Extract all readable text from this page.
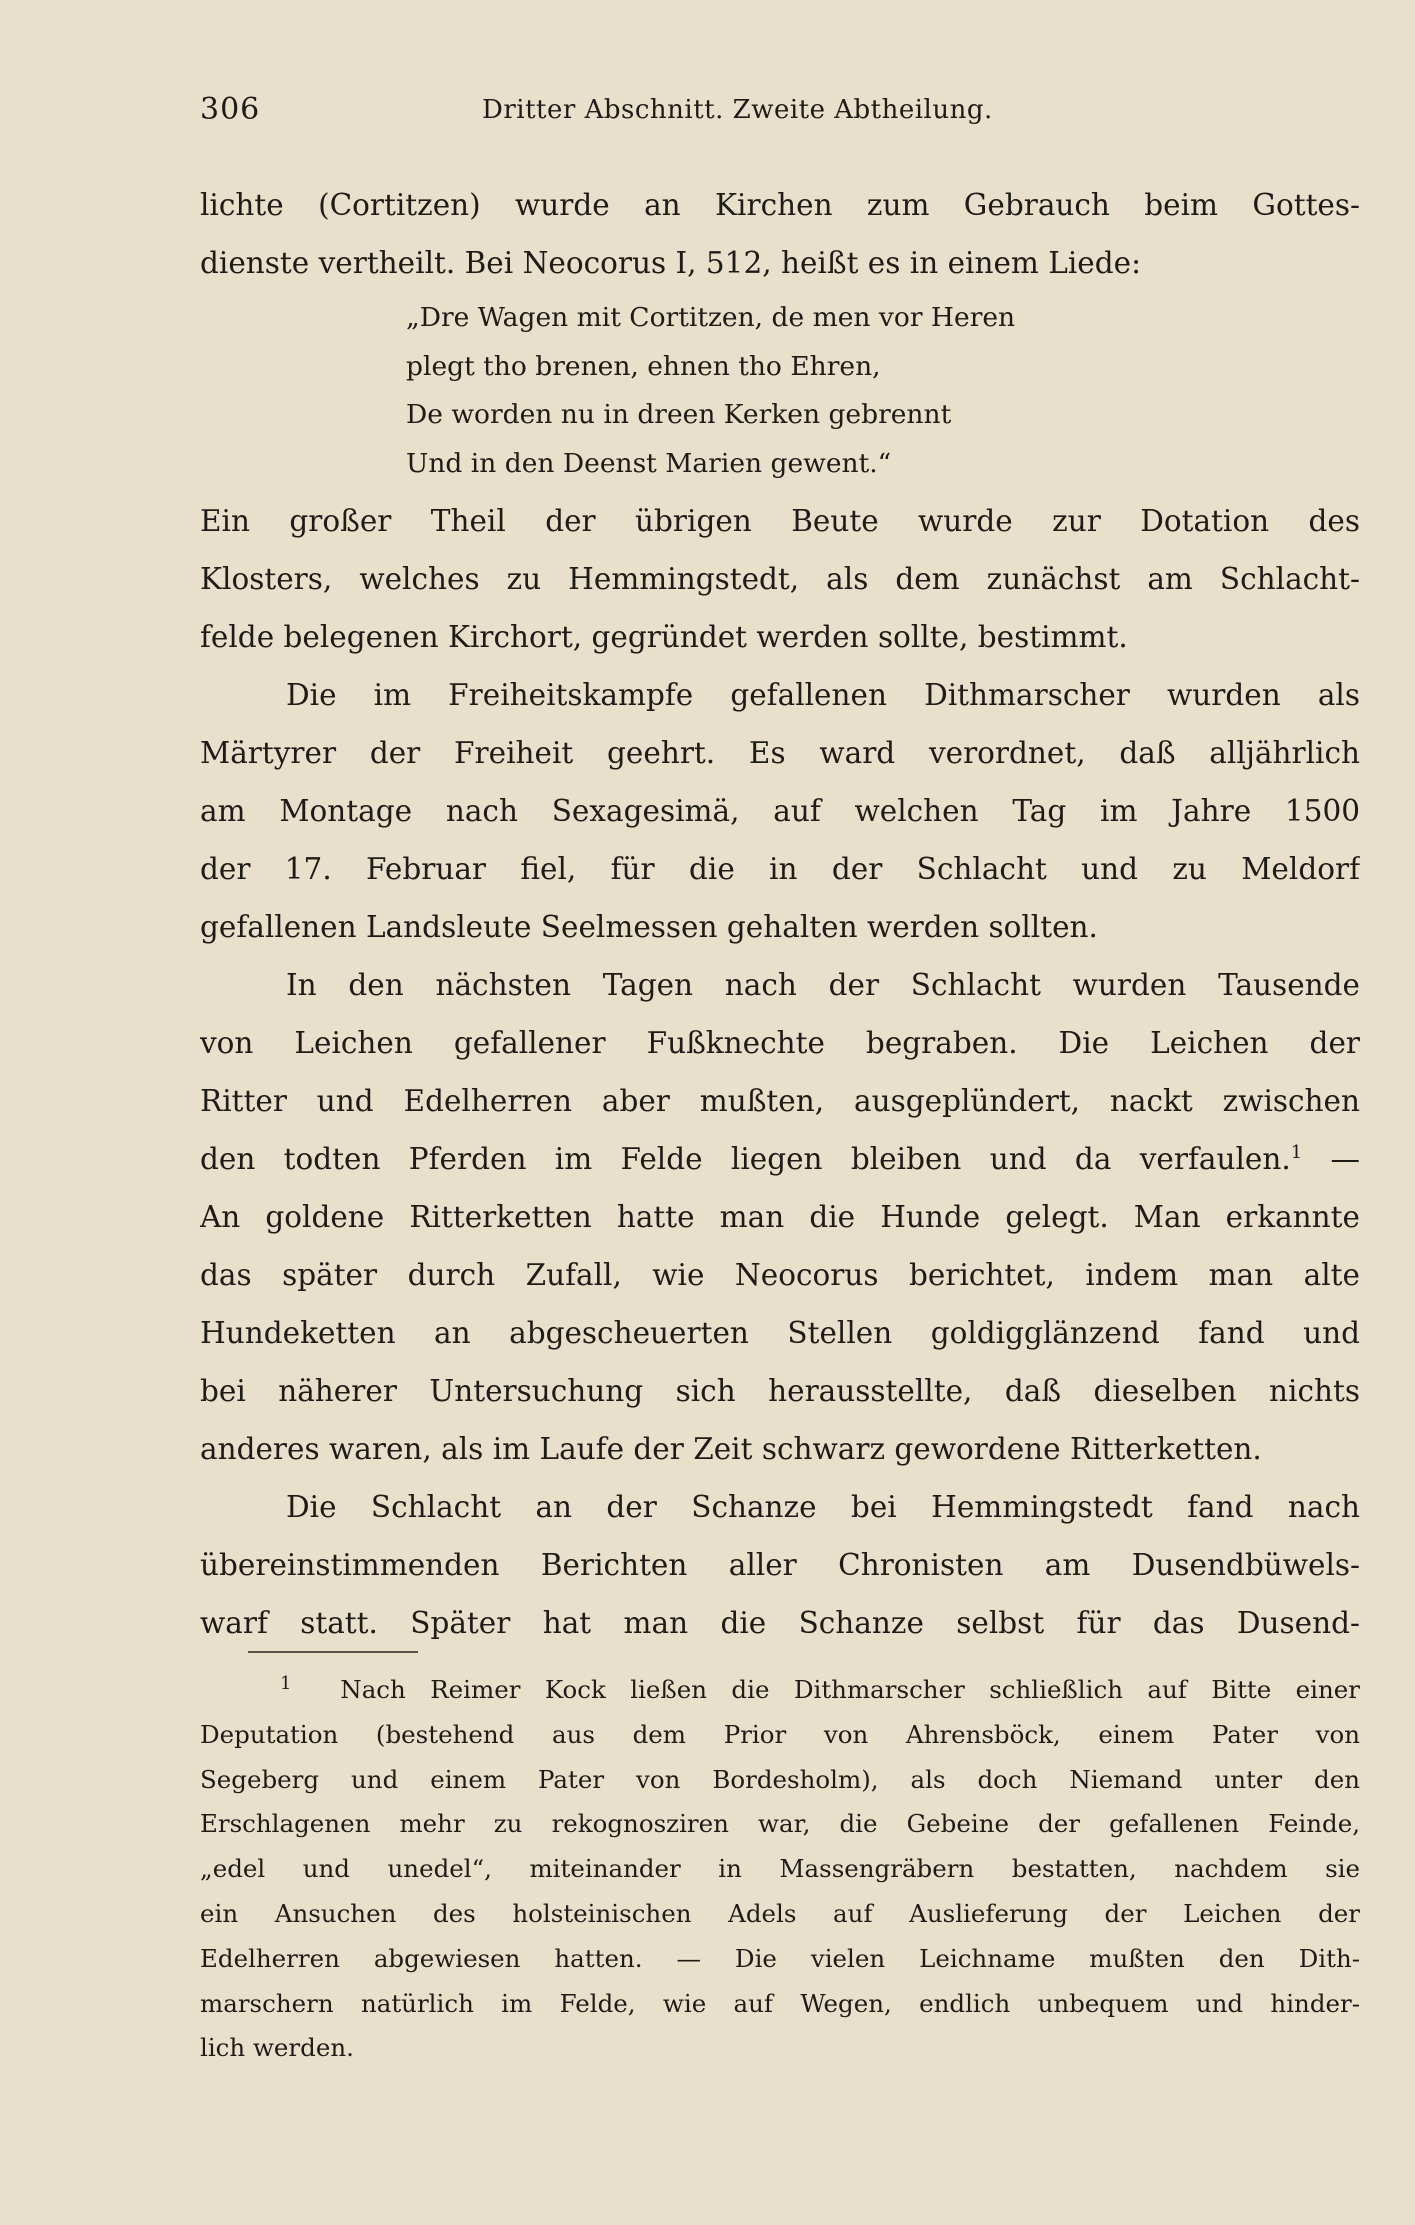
306	Dritter Abschnitt. Zweite Abtheilung.
lichte (Cortitzen) wurde an Kirchen zum Gebrauch beim Gottes-
dienste vertheilt. Bei Neocorus I, 512, heißt es in einem Liede:
„Dre Wagen mit Cortitzen, de men vor Heren
plegt tho brenen, ehnen tho Ehren,
De worden nu in dreen Kerken gebrennt
Und in den Deenst Marien gewent.“
Ein großer Theil der übrigen Beute wurde zur Dotation des
Klosters, welches zu Hemmingstedt, als dem zunächst am Schlacht-
felde belegenen Kirchort, gegründet werden sollte, bestimmt.
Die im Freiheitskampfe gefallenen Dithmarscher wurden als
Märtyrer der Freiheit geehrt. Es ward verordnet, daß alljährlich
am Montage nach Sexagesimä, auf welchen Tag im Jahre 1500
der 17. Februar fiel, für die in der Schlacht und zu Meldorf
gefallenen Landsleute Seelmessen gehalten werden sollten.
In den nächsten Tagen nach der Schlacht wurden Tausende
von Leichen gefallener Fußknechte begraben. Die Leichen der
Ritter und Edelherren aber mußten, ausgeplündert, nackt zwischen
den todten Pferden im Felde liegen bleiben und da verfaulen.$^1$ —
An goldene Ritterketten hatte man die Hunde gelegt. Man erkannte
das später durch Zufall, wie Neocorus berichtet, indem man alte
Hundeketten an abgescheuerten Stellen goldigglänzend fand und
bei näherer Untersuchung sich herausstellte, daß dieselben nichts
anderes waren, als im Laufe der Zeit schwarz gewordene Ritterketten.
Die Schlacht an der Schanze bei Hemmingstedt fand nach
übereinstimmenden Berichten aller Chronisten am Dusendbüwels-
warf statt. Später hat man die Schanze selbst für das Dusend-
$^1$ Nach Reimer Kock ließen die Dithmarscher schließlich auf Bitte einer
Deputation (bestehend aus dem Prior von Ahrensböck, einem Pater von
Segeberg und einem Pater von Bordesholm), als doch Niemand unter den
Erschlagenen mehr zu rekognosziren war, die Gebeine der gefallenen Feinde,
„edel und unedel“, miteinander in Massengräbern bestatten, nachdem sie
ein Ansuchen des holsteinischen Adels auf Auslieferung der Leichen der
Edelherren abgewiesen hatten. — Die vielen Leichname mußten den Dith-
marschern natürlich im Felde, wie auf Wegen, endlich unbequem und hinder-
lich werden.
